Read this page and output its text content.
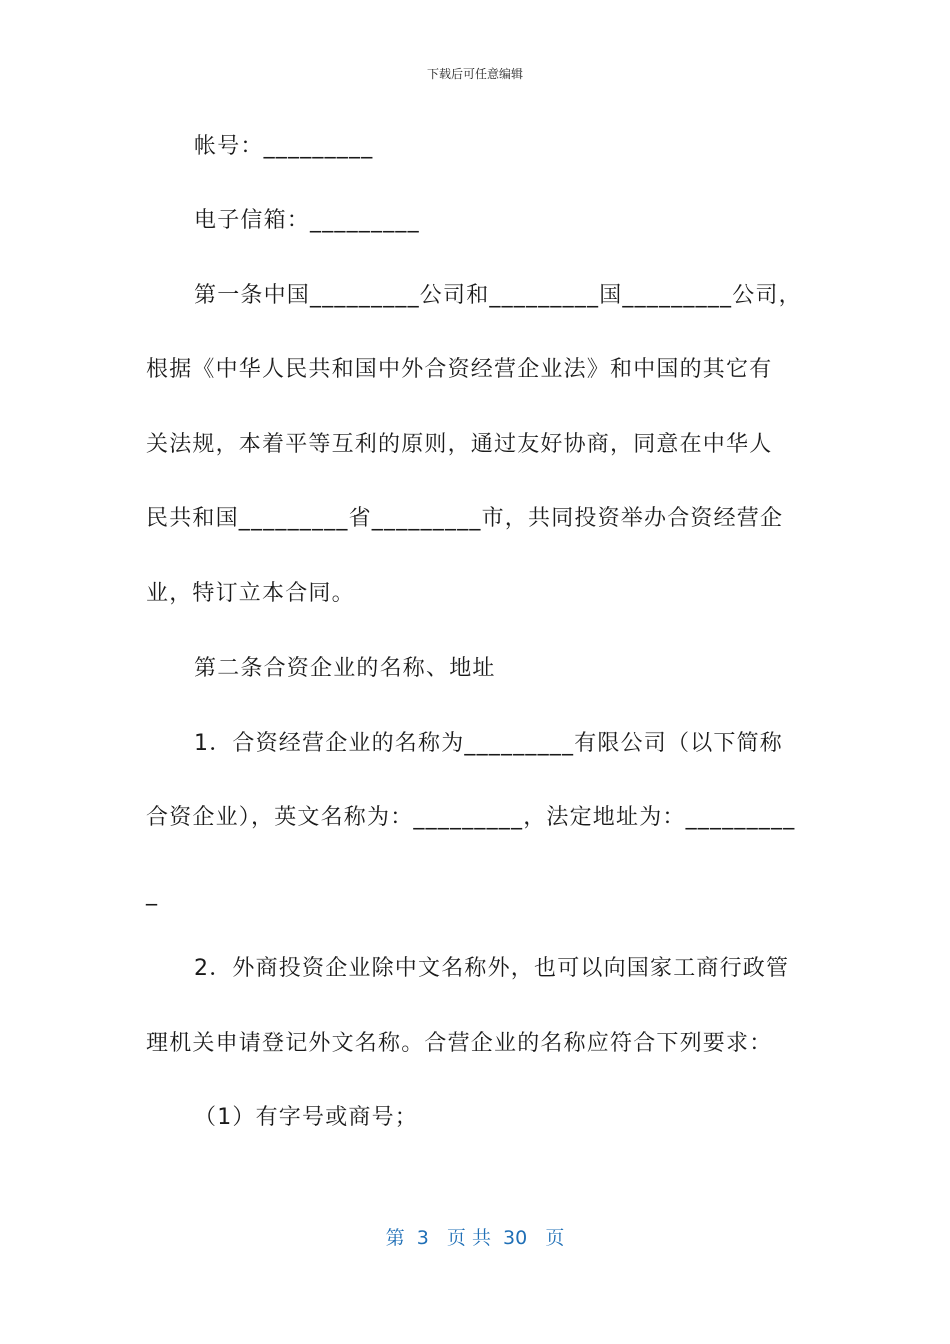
下载后可任意编辑
帐号：_________
电子信箱：_________
第一条中国_________公司和_________国_________公司，
根据《中华人民共和国中外合资经营企业法》和中国的其它有
关法规，本着平等互利的原则，通过友好协商，同意在中华人
民共和国_________省_________市，共同投资举办合资经营企
业，特订立本合同。
第二条合资企业的名称、地址
1．合资经营企业的名称为_________有限公司（以下简称
合资企业），英文名称为：_________，法定地址为：_________
_
2．外商投资企业除中文名称外，也可以向国家工商行政管
理机关申请登记外文名称。合营企业的名称应符合下列要求：
（1）有字号或商号；
第  3   页 共  30   页
